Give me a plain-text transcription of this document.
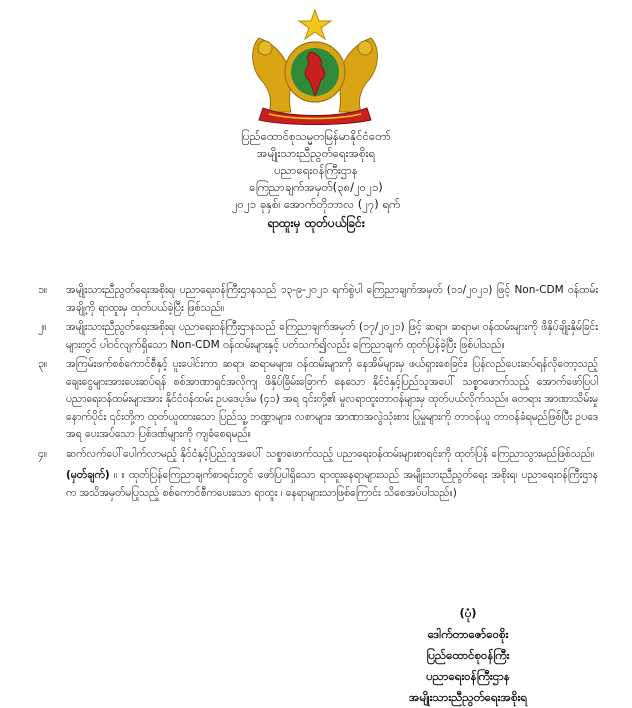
ပြည်ထောင်စုသမ္မတမြန်မာနိုင်ငံတော်
အမျိုးသားညီညွတ်ရေးအစိုးရ
ပညာရေးဝန်ကြီးဌာန
ကြေညာချက်အမှတ်(၃၈/၂၀၂၁)
၂၀၂၁ ခုနှစ်၊ အောက်တိုဘာလ (၂၇) ရက်
ရာထူးမှ ထုတ်ပယ်ခြင်း
၁။	အမျိုးသားညီညွတ်ရေးအစိုးရ၊ ပညာရေးဝန်ကြီးဌာနသည် ၁၃-၉-၂၀၂၁ ရက်စွဲပါ ကြေညာချက်အမှတ် (၁၁/၂၀၂၁) ဖြင့် Non-CDM ဝန်ထမ်း အချို့ကို ရာထူးမှ ထုတ်ပယ်ခဲ့ပြီး ဖြစ်သည်။
၂။	အမျိုးသားညီညွတ်ရေးအစိုးရ၊ ပညာရေးဝန်ကြီးဌာနသည် ကြေညာချက်အမှတ် (၁၇/၂၀၂၁) ဖြင့် ဆရာ၊ ဆရာမ၊ ဝန်ထမ်းများကို ဖိနှိပ်ချိုးနှိမ်ခြင်းများတွင် ပါဝင်လျက်ရှိသော Non-CDM ဝန်ထမ်းများနှင့် ပတ်သက်၍လည်း ကြေညာချက် ထုတ်ပြန်ခဲ့ပြီး ဖြစ်ပါသည်။
၃။	အကြမ်းဖက်စစ်ကောင်စီနှင့် ပူးပေါင်းကာ ဆရာ၊ ဆရာမများ၊ ဝန်ထမ်းများကို နေအိမ်များမှ ဖယ်ရှားစေခြင်း၊ ပြန်လည်ပေးဆပ်ရန်လိုတော့သည့် ချေးငွေများအားပေးဆပ်ရန် စစ်အာဏာရှင်အလိုကျ ဖိနှိပ်ခြိမ်းခြောက် နေသော နိုင်ငံနှင့်ပြည်သူအပေါ် သစ္စာဖောက်သည့် အောက်ဖော်ပြပါ ပညာရေးဝန်ထမ်းများအား နိုင်ငံဝန်ထမ်း ဥပဒေပုဒ်မ (၄၁) အရ ၎င်းတို့၏ မူလရာထူးတာဝန်များမှ ထုတ်ပယ်လိုက်သည်။ ဓတရား အာဏာသိမ်းမှု နောက်ပိုင်း ၎င်းတို့က ထုတ်ယူထားသော ပြည်သူ့ ဘဏ္ဍာများ၊ လစာများ၊ အာဏာအလွဲသုံးစား ပြုမှုများကို တာဝန်ယူ တာဝန်ခံရမည်ဖြစ်ပြီး ဥပဒေအရ ပေးအပ်သော ပြစ်ဒဏ်များကို ကျခံစေရမည်။
၄။	ဆက်လက်ပေါ်ပေါက်လာမည့် နိုင်ငံနှင့်ပြည်သူအပေါ် သစ္စာဖောက်သည့် ပညာရေးဝန်ထမ်းများစာရင်းကို ထုတ်ပြန် ကြေညာသွားမည်ဖြစ်သည်။
(မှတ်ချက်) ။ ။ ထုတ်ပြန်ကြေညာချက်စာရင်းတွင် ဖော်ပြပါရှိသော ရာထူးနေရာများသည် အမျိုးသားညီညွတ်ရေး အစိုးရ၊ ပညာရေးဝန်ကြီးဌာနက အသိအမှတ်မပြုသည့် စစ်ကောင်စီကပေးသော ရာထူး ၊ နေရာများသာဖြစ်ကြောင်း သိစေအပ်ပါသည်။)
(ပုံ)
ဒေါက်တာဇော်ဝေစိုး
ပြည်ထောင်စုဝန်ကြီး
ပညာရေးဝန်ကြီးဌာန
အမျိုးသားညီညွတ်ရေးအစိုးရ
